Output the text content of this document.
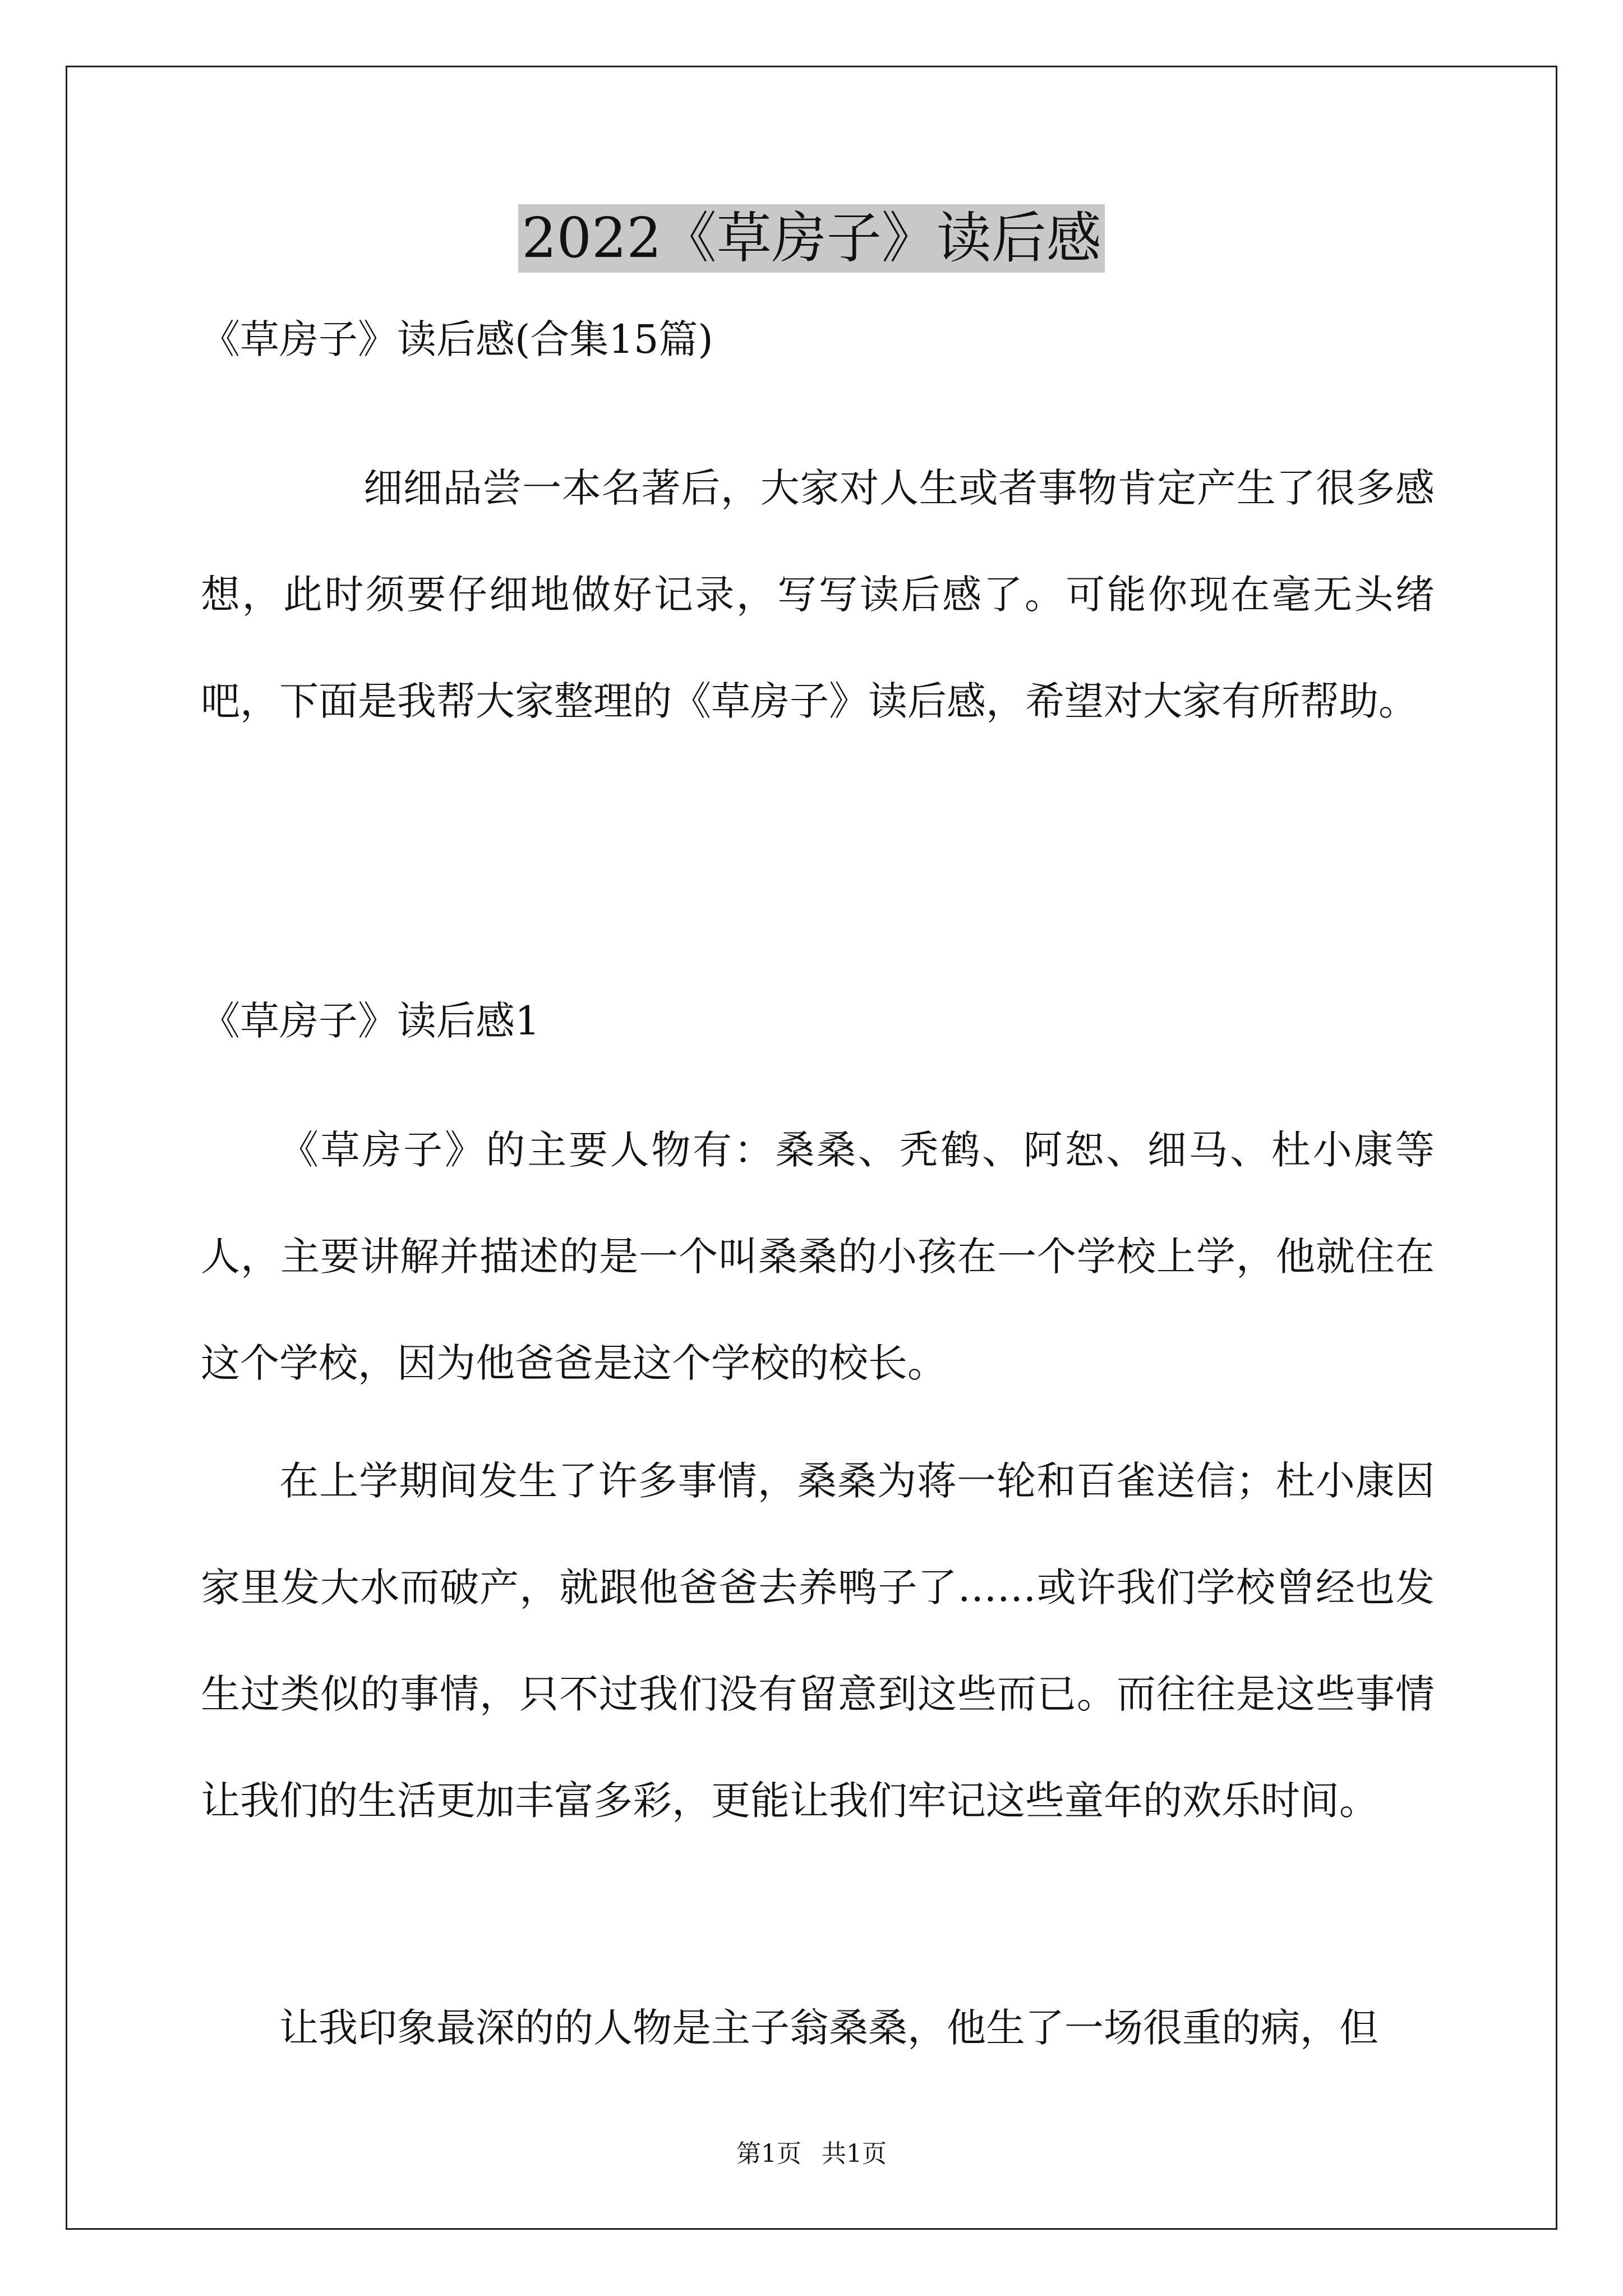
2022《草房子》读后感

《草房子》读后感(合集15篇)

细细品尝一本名著后，大家对人生或者事物肯定产生了很多感想，此时须要仔细地做好记录，写写读后感了。可能你现在毫无头绪吧，下面是我帮大家整理的《草房子》读后感，希望对大家有所帮助。

《草房子》读后感1

《草房子》的主要人物有：桑桑、秃鹤、阿恕、细马、杜小康等人，主要讲解并描述的是一个叫桑桑的小孩在一个学校上学，他就住在这个学校，因为他爸爸是这个学校的校长。

在上学期间发生了许多事情，桑桑为蒋一轮和百雀送信；杜小康因家里发大水而破产，就跟他爸爸去养鸭子了……或许我们学校曾经也发生过类似的事情，只不过我们没有留意到这些而已。而往往是这些事情让我们的生活更加丰富多彩，更能让我们牢记这些童年的欢乐时间。

让我印象最深的的人物是主子翁桑桑，他生了一场很重的病，但

第1页 共1页
